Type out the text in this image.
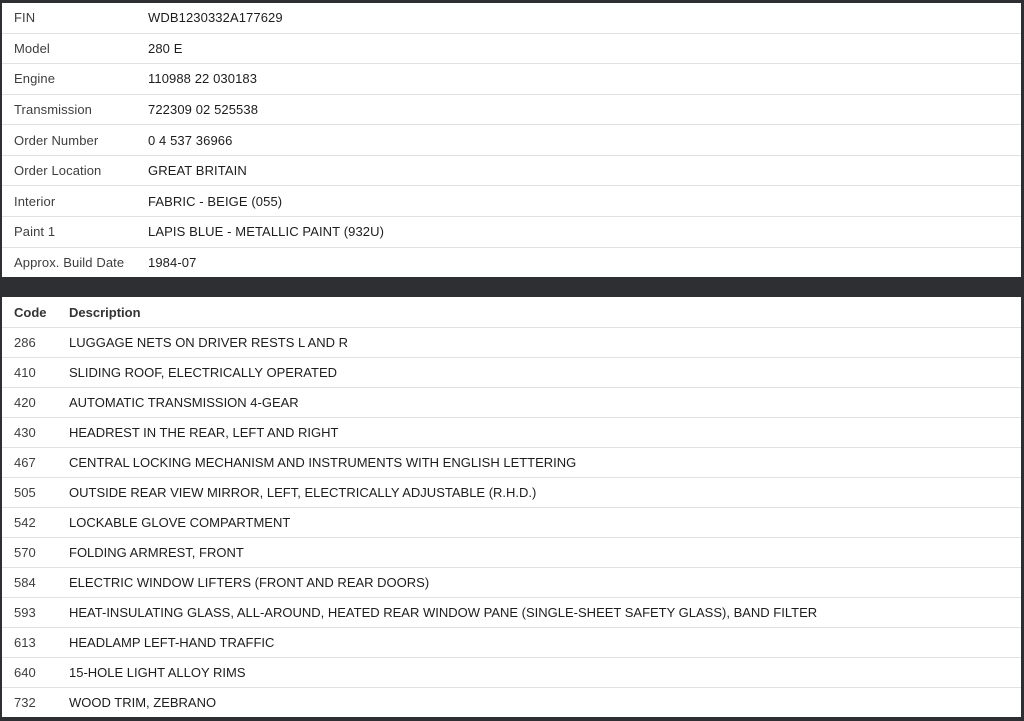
FIN	WDB1230332A177629
Model	280 E
Engine	110988 22 030183
Transmission	722309 02 525538
Order Number	0 4 537 36966
Order Location	GREAT BRITAIN
Interior	FABRIC - BEIGE (055)
Paint 1	LAPIS BLUE - METALLIC PAINT (932U)
Approx. Build Date	1984-07
Code	Description
286	LUGGAGE NETS ON DRIVER RESTS L AND R
410	SLIDING ROOF, ELECTRICALLY OPERATED
420	AUTOMATIC TRANSMISSION 4-GEAR
430	HEADREST IN THE REAR, LEFT AND RIGHT
467	CENTRAL LOCKING MECHANISM AND INSTRUMENTS WITH ENGLISH LETTERING
505	OUTSIDE REAR VIEW MIRROR, LEFT, ELECTRICALLY ADJUSTABLE (R.H.D.)
542	LOCKABLE GLOVE COMPARTMENT
570	FOLDING ARMREST, FRONT
584	ELECTRIC WINDOW LIFTERS (FRONT AND REAR DOORS)
593	HEAT-INSULATING GLASS, ALL-AROUND, HEATED REAR WINDOW PANE (SINGLE-SHEET SAFETY GLASS), BAND FILTER
613	HEADLAMP LEFT-HAND TRAFFIC
640	15-HOLE LIGHT ALLOY RIMS
732	WOOD TRIM, ZEBRANO
